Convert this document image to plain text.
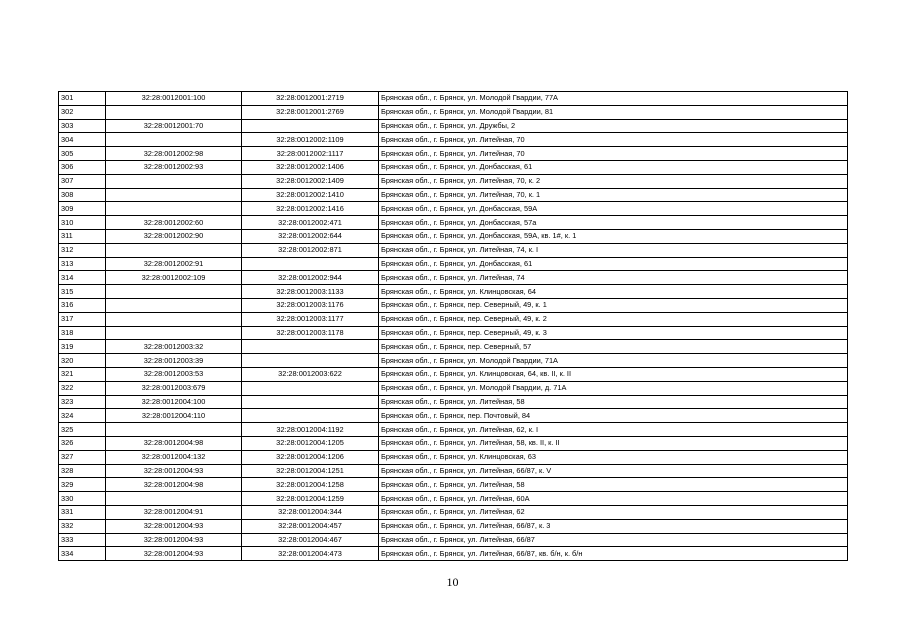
301	32:28:0012001:100	32:28:0012001:2719	Брянская обл., г. Брянск, ул. Молодой Гвардии, 77А
302		32:28:0012001:2769	Брянская обл., г. Брянск, ул. Молодой Гвардии, 81
303	32:28:0012001:70		Брянская обл., г. Брянск, ул. Дружбы, 2
304		32:28:0012002:1109	Брянская обл., г. Брянск, ул. Литейная, 70
305	32:28:0012002:98	32:28:0012002:1117	Брянская обл., г. Брянск, ул. Литейная, 70
306	32:28:0012002:93	32:28:0012002:1406	Брянская обл., г. Брянск, ул. Донбасская, 61
307		32:28:0012002:1409	Брянская обл., г. Брянск, ул. Литейная, 70, к. 2
308		32:28:0012002:1410	Брянская обл., г. Брянск, ул. Литейная, 70, к. 1
309		32:28:0012002:1416	Брянская обл., г. Брянск, ул. Донбасская, 59А
310	32:28:0012002:60	32:28:0012002:471	Брянская обл., г. Брянск, ул. Донбасская, 57а
311	32:28:0012002:90	32:28:0012002:644	Брянская обл., г. Брянск, ул. Донбасская, 59А, кв. 1#, к. 1
312		32:28:0012002:871	Брянская обл., г. Брянск, ул. Литейная, 74, к. I
313	32:28:0012002:91		Брянская обл., г. Брянск, ул. Донбасская, 61
314	32:28:0012002:109	32:28:0012002:944	Брянская обл., г. Брянск, ул. Литейная, 74
315		32:28:0012003:1133	Брянская обл., г. Брянск, ул. Клинцовская, 64
316		32:28:0012003:1176	Брянская обл., г. Брянск, пер. Северный, 49, к. 1
317		32:28:0012003:1177	Брянская обл., г. Брянск, пер. Северный, 49, к. 2
318		32:28:0012003:1178	Брянская обл., г. Брянск, пер. Северный, 49, к. 3
319	32:28:0012003:32		Брянская обл., г. Брянск, пер. Северный, 57
320	32:28:0012003:39		Брянская обл., г. Брянск, ул. Молодой Гвардии, 71А
321	32:28:0012003:53	32:28:0012003:622	Брянская обл., г. Брянск, ул. Клинцовская, 64, кв. II, к. II
322	32:28:0012003:679		Брянская обл., г. Брянск, ул. Молодой Гвардии, д. 71А
323	32:28:0012004:100		Брянская обл., г. Брянск, ул. Литейная, 58
324	32:28:0012004:110		Брянская обл., г. Брянск, пер. Почтовый, 84
325		32:28:0012004:1192	Брянская обл., г. Брянск, ул. Литейная, 62, к. I
326	32:28:0012004:98	32:28:0012004:1205	Брянская обл., г. Брянск, ул. Литейная, 58, кв. II, к. II
327	32:28:0012004:132	32:28:0012004:1206	Брянская обл., г. Брянск, ул. Клинцовская, 63
328	32:28:0012004:93	32:28:0012004:1251	Брянская обл., г. Брянск, ул. Литейная, 66/87, к. V
329	32:28:0012004:98	32:28:0012004:1258	Брянская обл., г. Брянск, ул. Литейная, 58
330		32:28:0012004:1259	Брянская обл., г. Брянск, ул. Литейная, 60А
331	32:28:0012004:91	32:28:0012004:344	Брянская обл., г. Брянск, ул. Литейная, 62
332	32:28:0012004:93	32:28:0012004:457	Брянская обл., г. Брянск, ул. Литейная, 66/87, к. 3
333	32:28:0012004:93	32:28:0012004:467	Брянская обл., г. Брянск, ул. Литейная, 66/87
334	32:28:0012004:93	32:28:0012004:473	Брянская обл., г. Брянск, ул. Литейная, 66/87, кв. б/н, к. б/н
10
